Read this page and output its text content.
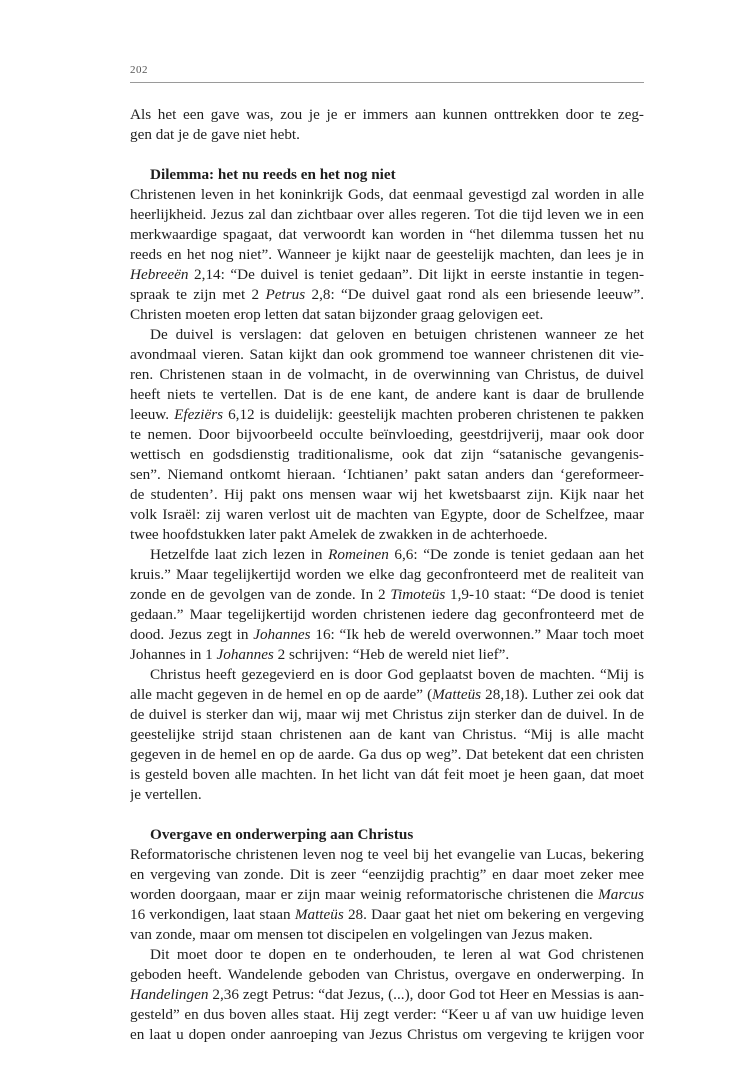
202
Als het een gave was, zou je je er immers aan kunnen onttrekken door te zeg-
gen dat je de gave niet hebt.
Dilemma: het nu reeds en het nog niet
Christenen leven in het koninkrijk Gods, dat eenmaal gevestigd zal worden in alle
heerlijkheid. Jezus zal dan zichtbaar over alles regeren. Tot die tijd leven we in een
merkwaardige spagaat, dat verwoordt kan worden in “het dilemma tussen het nu
reeds en het nog niet”. Wanneer je kijkt naar de geestelijk machten, dan lees je in
Hebreeën 2,14: “De duivel is teniet gedaan”. Dit lijkt in eerste instantie in tegen-
spraak te zijn met 2 Petrus 2,8: “De duivel gaat rond als een briesende leeuw”.
Christen moeten erop letten dat satan bijzonder graag gelovigen eet.
De duivel is verslagen: dat geloven en betuigen christenen wanneer ze het
avondmaal vieren. Satan kijkt dan ook grommend toe wanneer christenen dit vie-
ren. Christenen staan in de volmacht, in de overwinning van Christus, de duivel
heeft niets te vertellen. Dat is de ene kant, de andere kant is daar de brullende
leeuw. Efeziërs 6,12 is duidelijk: geestelijk machten proberen christenen te pakken
te nemen. Door bijvoorbeeld occulte beïnvloeding, geestdrijverij, maar ook door
wettisch en godsdienstig traditionalisme, ook dat zijn “satanische gevangenis-
sen”. Niemand ontkomt hieraan. ‘Ichtianen’ pakt satan anders dan ‘gereformeer-
de studenten’. Hij pakt ons mensen waar wij het kwetsbaarst zijn. Kijk naar het
volk Israël: zij waren verlost uit de machten van Egypte, door de Schelfzee, maar
twee hoofdstukken later pakt Amelek de zwakken in de achterhoede.
Hetzelfde laat zich lezen in Romeinen 6,6: “De zonde is teniet gedaan aan het
kruis.” Maar tegelijkertijd worden we elke dag geconfronteerd met de realiteit van
zonde en de gevolgen van de zonde. In 2 Timoteüs 1,9-10 staat: “De dood is teniet
gedaan.” Maar tegelijkertijd worden christenen iedere dag geconfronteerd met de
dood. Jezus zegt in Johannes 16: “Ik heb de wereld overwonnen.” Maar toch moet
Johannes in 1 Johannes 2 schrijven: “Heb de wereld niet lief”.
Christus heeft gezegevierd en is door God geplaatst boven de machten. “Mij is
alle macht gegeven in de hemel en op de aarde” (Matteüs 28,18). Luther zei ook dat
de duivel is sterker dan wij, maar wij met Christus zijn sterker dan de duivel. In de
geestelijke strijd staan christenen aan de kant van Christus. “Mij is alle macht
gegeven in de hemel en op de aarde. Ga dus op weg”. Dat betekent dat een christen
is gesteld boven alle machten. In het licht van dát feit moet je heen gaan, dat moet
je vertellen.
Overgave en onderwerping aan Christus
Reformatorische christenen leven nog te veel bij het evangelie van Lucas, bekering
en vergeving van zonde. Dit is zeer “eenzijdig prachtig” en daar moet zeker mee
worden doorgaan, maar er zijn maar weinig reformatorische christenen die Marcus
16 verkondigen, laat staan Matteüs 28. Daar gaat het niet om bekering en vergeving
van zonde, maar om mensen tot discipelen en volgelingen van Jezus maken.
Dit moet door te dopen en te onderhouden, te leren al wat God christenen
geboden heeft. Wandelende geboden van Christus, overgave en onderwerping. In
Handelingen 2,36 zegt Petrus: “dat Jezus, (...), door God tot Heer en Messias is aan-
gesteld” en dus boven alles staat. Hij zegt verder: “Keer u af van uw huidige leven
en laat u dopen onder aanroeping van Jezus Christus om vergeving te krijgen voor
